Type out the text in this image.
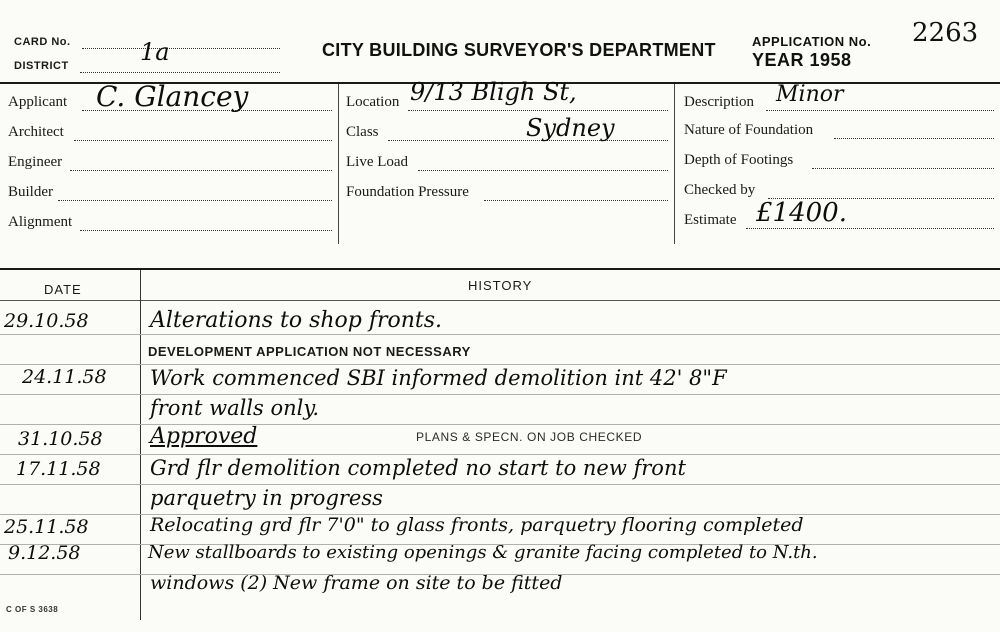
CARD No.	1a
DISTRICT
CITY BUILDING SURVEYOR'S DEPARTMENT	APPLICATION No. 2263
YEAR 1958
Applicant C. Glancey
Architect
Engineer
Builder
Alignment
Location 9/13 Bligh St,
Class	Sydney
Live Load
Foundation Pressure
Description Minor
Nature of Foundation
Depth of Footings
Checked by
Estimate £1400.
DATE	HISTORY
29.10.58	Alterations to shop fronts.
DEVELOPMENT APPLICATION NOT NECESSARY
24.11.58 Work commenced SBI informed demolition int 42' 8"F
front walls only.
31.10.58 Approved	PLANS & SPECN. ON JOB CHECKED
17.11.58 Grd flr demolition completed no start to new front
parquetry in progress
25.11.58	Relocating grd flr 7'0" to glass fronts, parquetry flooring completed
9.12.58	New stallboards to existing openings & granite facing completed to N.th.
windows (2) New frame on site to be fitted
C OF S 3638
